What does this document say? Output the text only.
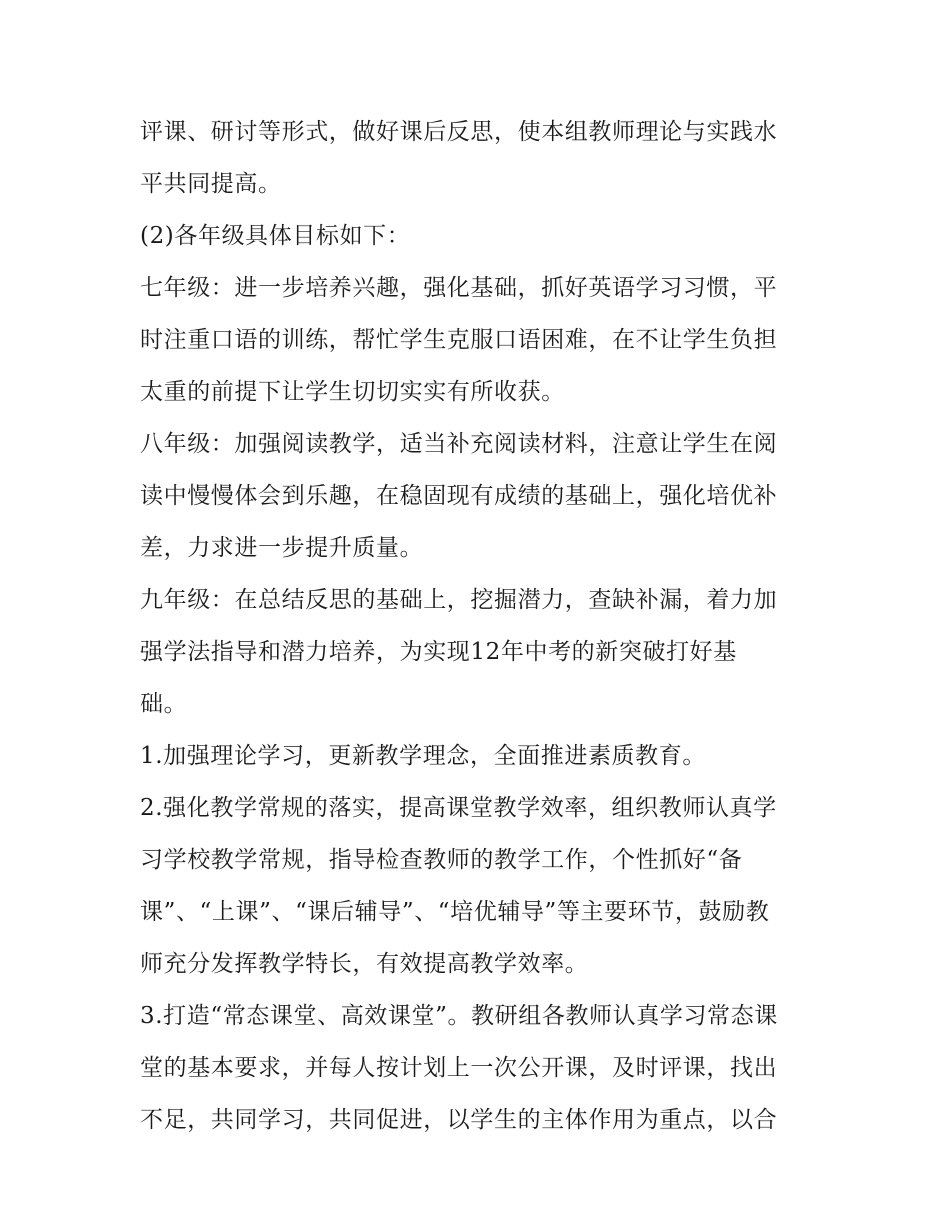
评课、研讨等形式，做好课后反思，使本组教师理论与实践水
平共同提高。
(2)各年级具体目标如下：
七年级：进一步培养兴趣，强化基础，抓好英语学习习惯，平
时注重口语的训练，帮忙学生克服口语困难，在不让学生负担
太重的前提下让学生切切实实有所收获。
八年级：加强阅读教学，适当补充阅读材料，注意让学生在阅
读中慢慢体会到乐趣，在稳固现有成绩的基础上，强化培优补
差，力求进一步提升质量。
九年级：在总结反思的基础上，挖掘潜力，查缺补漏，着力加
强学法指导和潜力培养，为实现12年中考的新突破打好基
础。
1.加强理论学习，更新教学理念，全面推进素质教育。
2.强化教学常规的落实，提高课堂教学效率，组织教师认真学
习学校教学常规，指导检查教师的教学工作，个性抓好“备
课”、“上课”、“课后辅导”、“培优辅导”等主要环节，鼓励教
师充分发挥教学特长，有效提高教学效率。
3.打造“常态课堂、高效课堂”。教研组各教师认真学习常态课
堂的基本要求，并每人按计划上一次公开课，及时评课，找出
不足，共同学习，共同促进，以学生的主体作用为重点，以合
